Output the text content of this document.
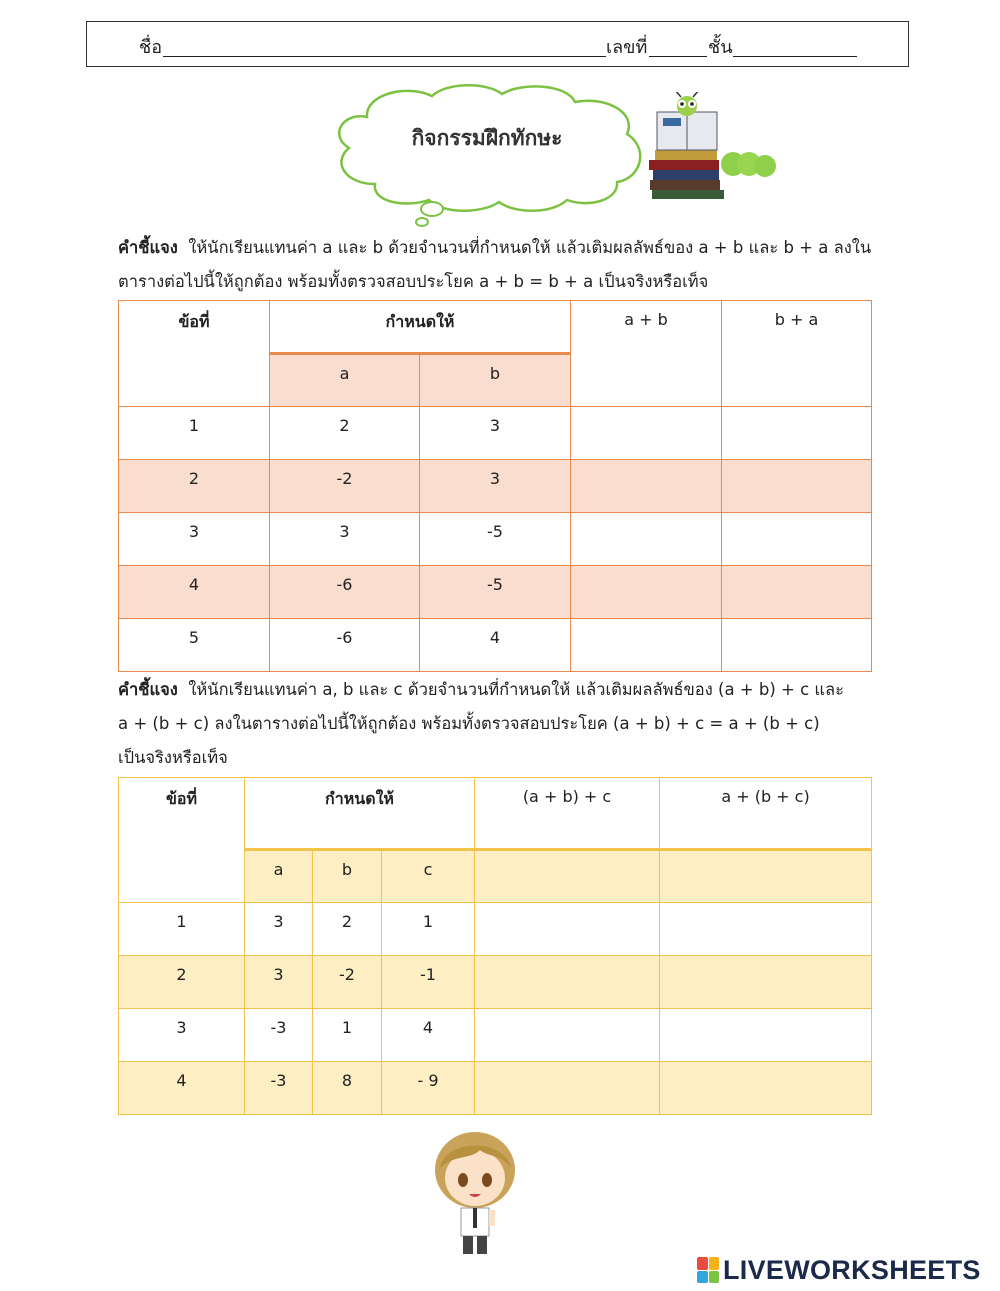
ชื่อ	เลขที่	ชั้น
กิจกรรมฝึกทักษะ
คำชี้แจง ให้นักเรียนแทนค่า a และ b ด้วยจำนวนที่กำหนดให้ แล้วเติมผลลัพธ์ของ a + b และ b + a ลงใน
ตารางต่อไปนี้ให้ถูกต้อง พร้อมทั้งตรวจสอบประโยค a + b = b + a เป็นจริงหรือเท็จ
ข้อที่	กำหนดให้		a + b	b + a
	a	b		
1	2	3		
2	-2	3		
3	3	-5		
4	-6	-5		
5	-6	4		
คำชี้แจง ให้นักเรียนแทนค่า a, b และ c ด้วยจำนวนที่กำหนดให้ แล้วเติมผลลัพธ์ของ (a + b) + c และ
a + (b + c) ลงในตารางต่อไปนี้ให้ถูกต้อง พร้อมทั้งตรวจสอบประโยค (a + b) + c = a + (b + c)
เป็นจริงหรือเท็จ
ข้อที่	กำหนดให้			(a + b) + c	a + (b + c)
	a	b	c		
1	3	2	1		
2	3	-2	-1		
3	-3	1	4		
4	-3	8	- 9		
LIVEWORKSHEETS
